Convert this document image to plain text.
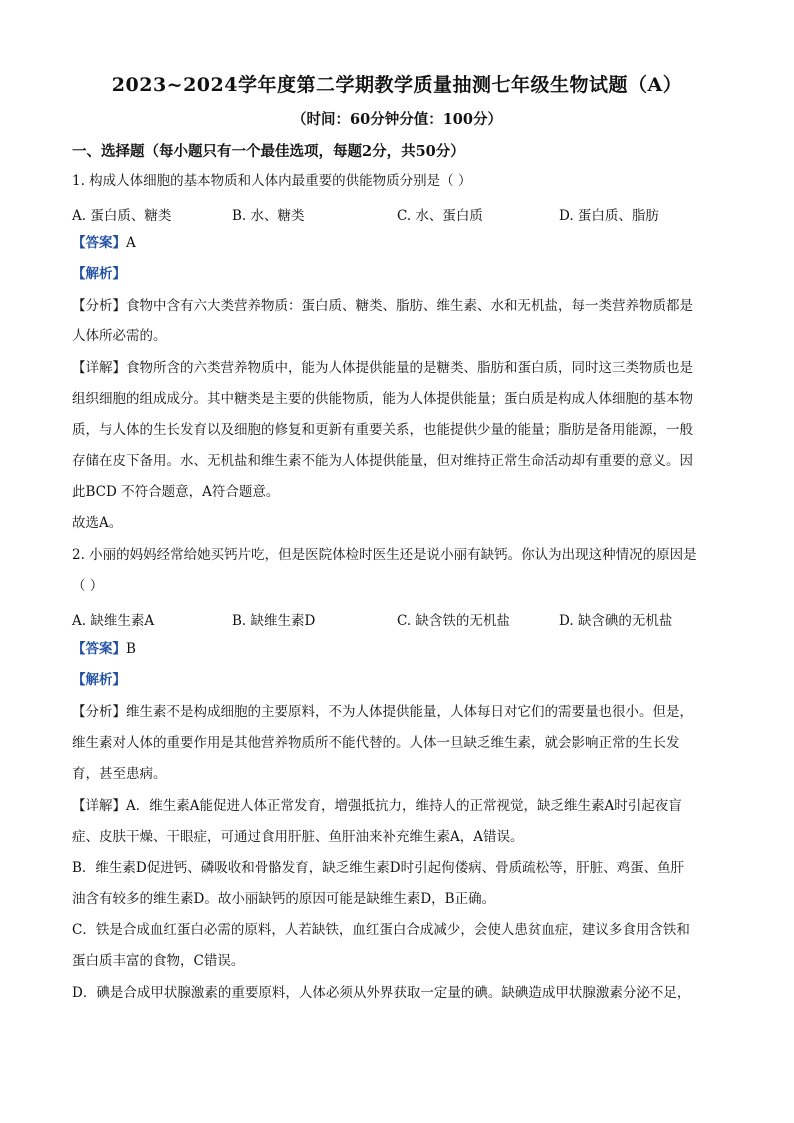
2023~2024学年度第二学期教学质量抽测七年级生物试题（A）
（时间：60分钟分值：100分）
一、选择题（每小题只有一个最佳选项，每题2分，共50分）
1. 构成人体细胞的基本物质和人体内最重要的供能物质分别是（ ）
A. 蛋白质、糖类	B. 水、糖类	C. 水、蛋白质	D. 蛋白质、脂肪
【答案】A
【解析】
【分析】食物中含有六大类营养物质：蛋白质、糖类、脂肪、维生素、水和无机盐，每一类营养物质都是
人体所必需的。
【详解】食物所含的六类营养物质中，能为人体提供能量的是糖类、脂肪和蛋白质，同时这三类物质也是
组织细胞的组成成分。其中糖类是主要的供能物质，能为人体提供能量；蛋白质是构成人体细胞的基本物
质，与人体的生长发育以及细胞的修复和更新有重要关系，也能提供少量的能量；脂肪是备用能源，一般
存储在皮下备用。水、无机盐和维生素不能为人体提供能量，但对维持正常生命活动却有重要的意义。因
此BCD 不符合题意，A符合题意。
故选A。
2. 小丽的妈妈经常给她买钙片吃，但是医院体检时医生还是说小丽有缺钙。你认为出现这种情况的原因是
（ ）
A. 缺维生素A	B. 缺维生素D	C. 缺含铁的无机盐	D. 缺含碘的无机盐
【答案】B
【解析】
【分析】维生素不是构成细胞的主要原料，不为人体提供能量，人体每日对它们的需要量也很小。但是，
维生素对人体的重要作用是其他营养物质所不能代替的。人体一旦缺乏维生素，就会影响正常的生长发
育，甚至患病。
【详解】A．维生素A能促进人体正常发育，增强抵抗力，维持人的正常视觉，缺乏维生素A时引起夜盲
症、皮肤干燥、干眼症，可通过食用肝脏、鱼肝油来补充维生素A，A错误。
B．维生素D促进钙、磷吸收和骨骼发育，缺乏维生素D时引起佝偻病、骨质疏松等，肝脏、鸡蛋、鱼肝
油含有较多的维生素D。故小丽缺钙的原因可能是缺维生素D，B正确。
C．铁是合成血红蛋白必需的原料，人若缺铁，血红蛋白合成减少，会使人患贫血症，建议多食用含铁和
蛋白质丰富的食物，C错误。
D．碘是合成甲状腺激素的重要原料，人体必须从外界获取一定量的碘。缺碘造成甲状腺激素分泌不足，
